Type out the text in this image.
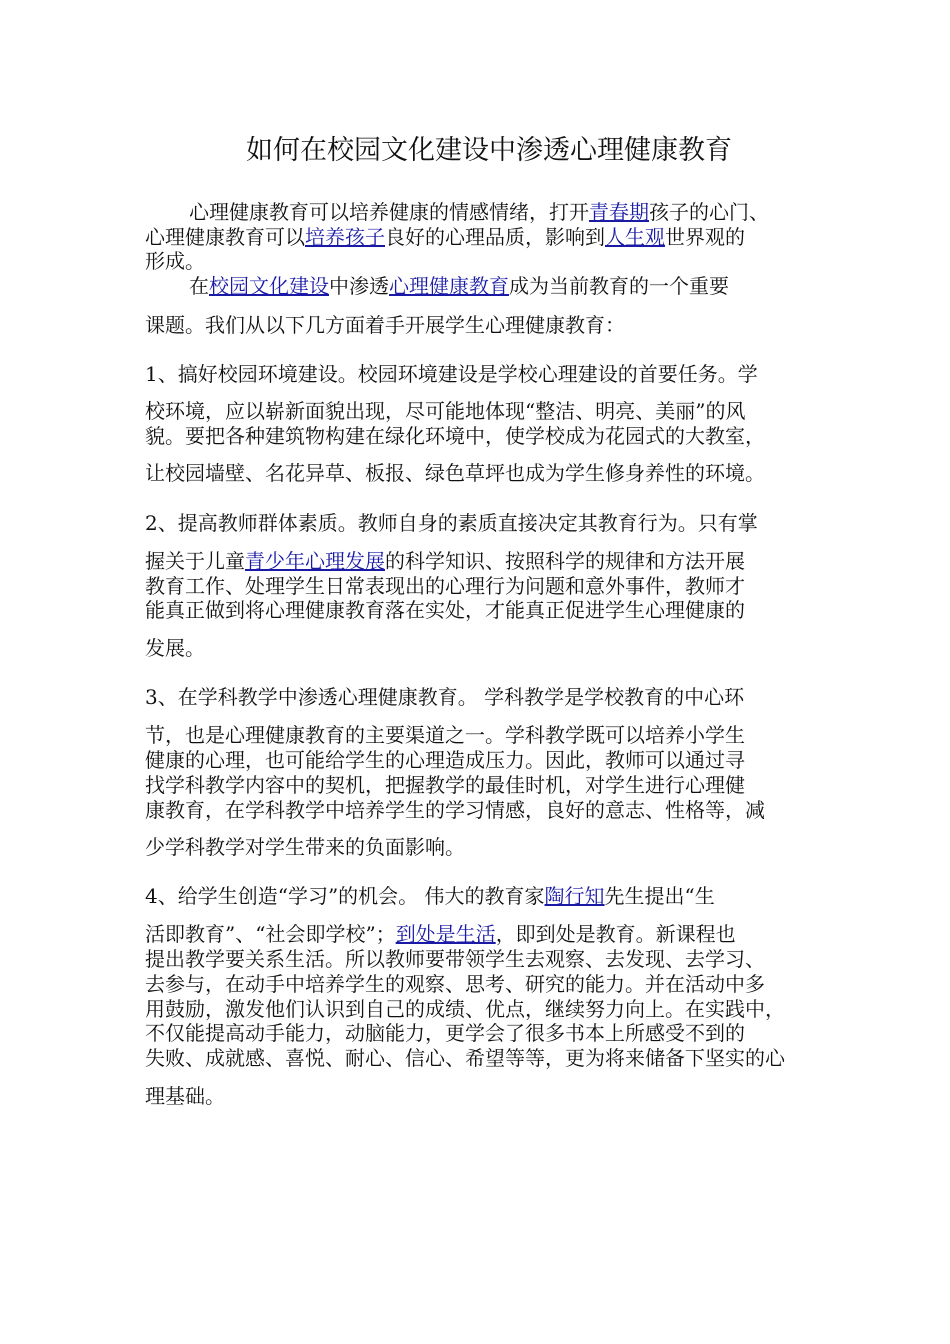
如何在校园文化建设中渗透心理健康教育
心理健康教育可以培养健康的情感情绪，打开青春期孩子的心门、
心理健康教育可以培养孩子良好的心理品质，影响到人生观世界观的
形成。
在校园文化建设中渗透心理健康教育成为当前教育的一个重要
课题。我们从以下几方面着手开展学生心理健康教育：
1、搞好校园环境建设。校园环境建设是学校心理建设的首要任务。学
校环境，应以崭新面貌出现，尽可能地体现“整洁、明亮、美丽”的风
貌。要把各种建筑物构建在绿化环境中，使学校成为花园式的大教室，
让校园墙壁、名花异草、板报、绿色草坪也成为学生修身养性的环境。
2、提高教师群体素质。教师自身的素质直接决定其教育行为。只有掌
握关于儿童青少年心理发展的科学知识、按照科学的规律和方法开展
教育工作、处理学生日常表现出的心理行为问题和意外事件，教师才
能真正做到将心理健康教育落在实处，才能真正促进学生心理健康的
发展。
3、在学科教学中渗透心理健康教育。 学科教学是学校教育的中心环
节，也是心理健康教育的主要渠道之一。学科教学既可以培养小学生
健康的心理，也可能给学生的心理造成压力。因此，教师可以通过寻
找学科教学内容中的契机，把握教学的最佳时机，对学生进行心理健
康教育，在学科教学中培养学生的学习情感，良好的意志、性格等，减
少学科教学对学生带来的负面影响。
4、给学生创造“学习”的机会。 伟大的教育家陶行知先生提出“生
活即教育”、“社会即学校”；到处是生活，即到处是教育。新课程也
提出教学要关系生活。所以教师要带领学生去观察、去发现、去学习、
去参与，在动手中培养学生的观察、思考、研究的能力。并在活动中多
用鼓励，激发他们认识到自己的成绩、优点，继续努力向上。在实践中，
不仅能提高动手能力，动脑能力，更学会了很多书本上所感受不到的
失败、成就感、喜悦、耐心、信心、希望等等，更为将来储备下坚实的心
理基础。
